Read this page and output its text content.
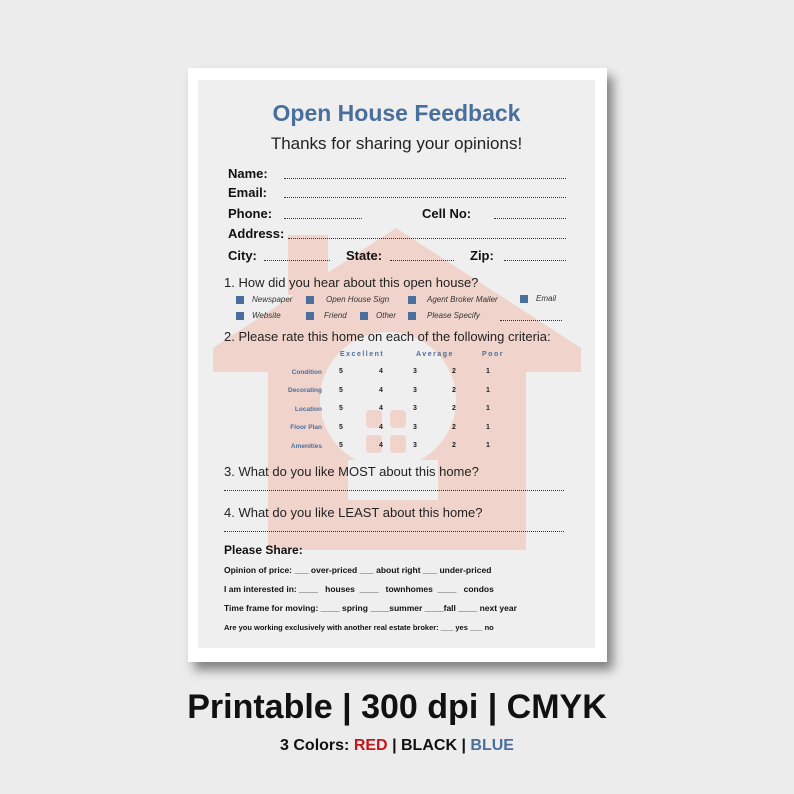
Open House Feedback
Thanks for sharing your opinions!
Name:
Email:
Phone:	Cell No:
Address:
City:	State:	Zip:
1. How did you hear about this open house?
Newspaper	Open House Sign	Agent Broker Mailer	Email
Website	Friend	Other	Please Specify
2. Please rate this home on each of the following criteria:
Excellent	Average	Poor
Condition	5	4	3	2	1
Decorating	5	4	3	2	1
Location	5	4	3	2	1
Floor Plan	5	4	3	2	1
Amenities	5	4	3	2	1
3. What do you like MOST about this home?
4. What do you like LEAST about this home?
Please Share:
Opinion of price: ___ over-priced ___ about right ___ under-priced
I am interested in: ____   houses  ____   townhomes  ____   condos
Time frame for moving: ____ spring ____summer ____fall ____ next year
Are you working exclusively with another real estate broker: ___ yes ___ no
Printable | 300 dpi | CMYK
3 Colors: RED | BLACK | BLUE
